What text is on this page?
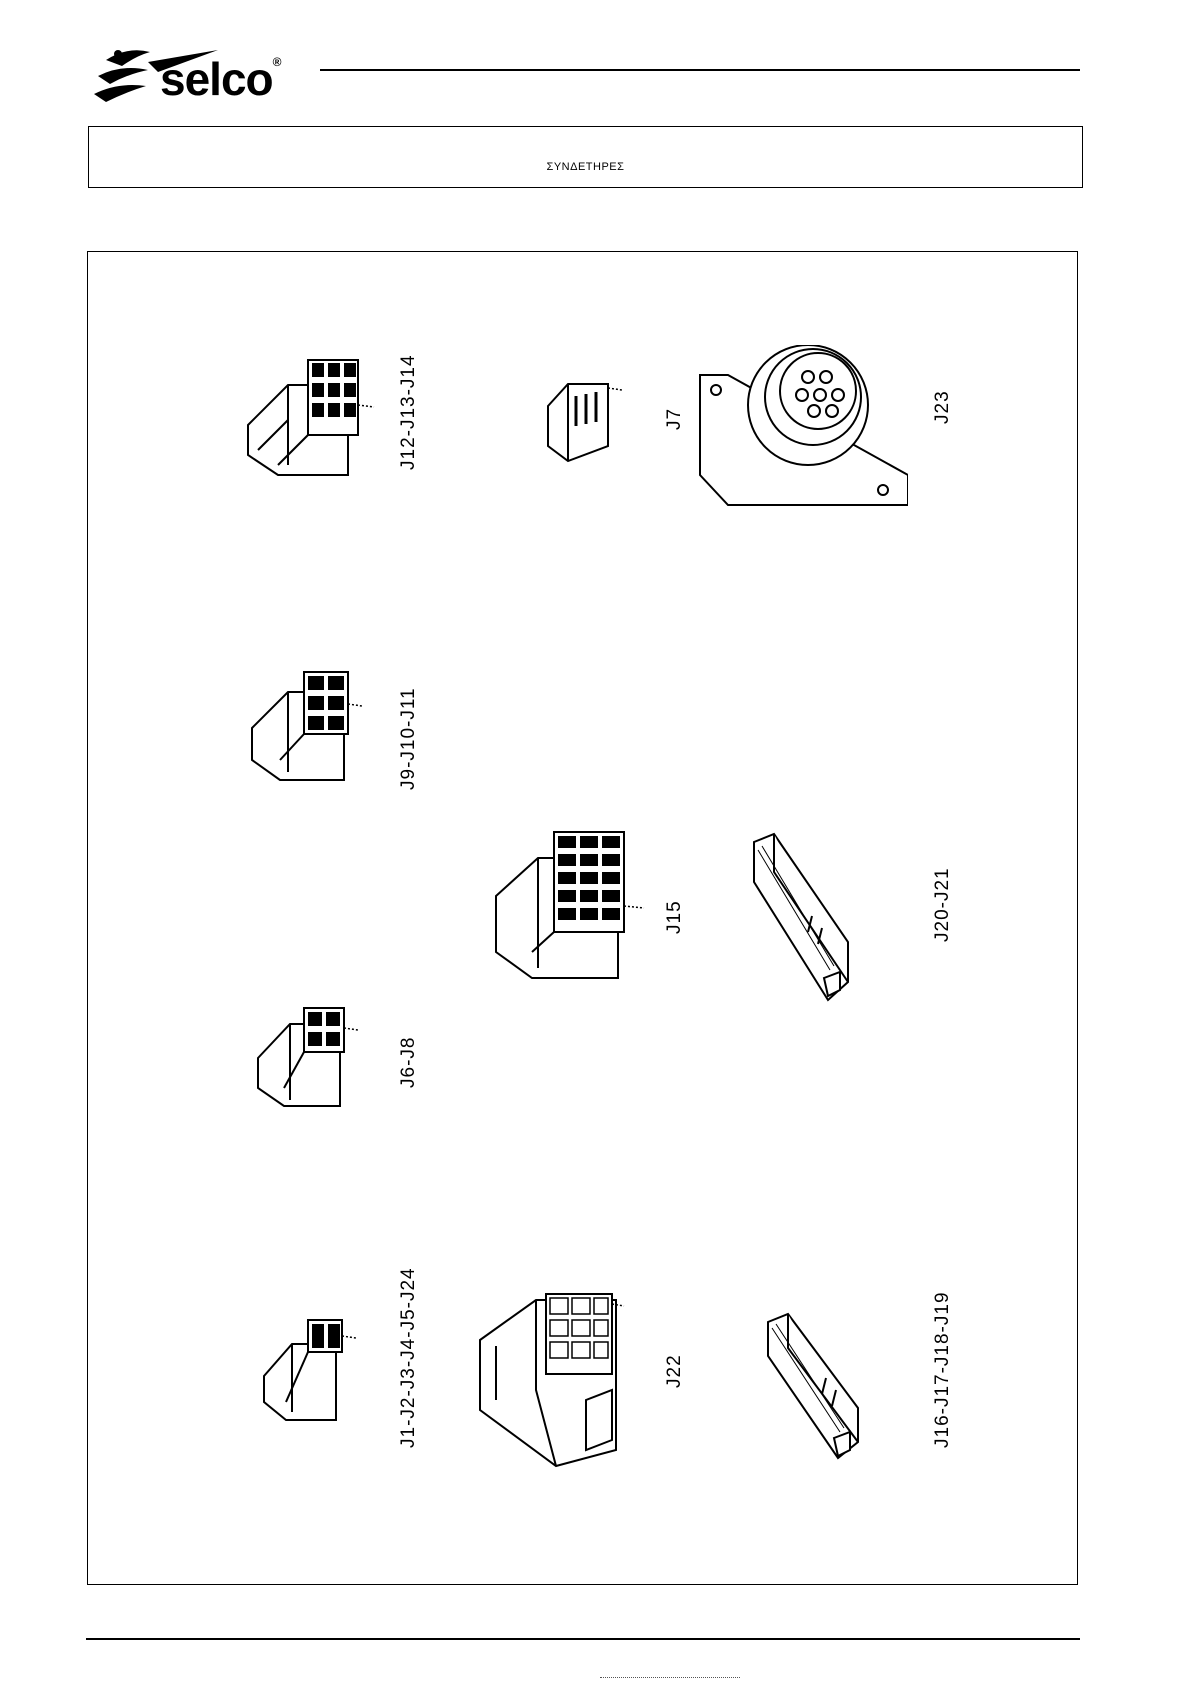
selco®
ΣΥΝΔΕΤΗΡΕΣ
J12-J13-J14	J7	J23
J9-J10-J11
J15	J20-J21
J6-J8
J1-J2-J3-J4-J5-J24	J22	J16-J17-J18-J19
